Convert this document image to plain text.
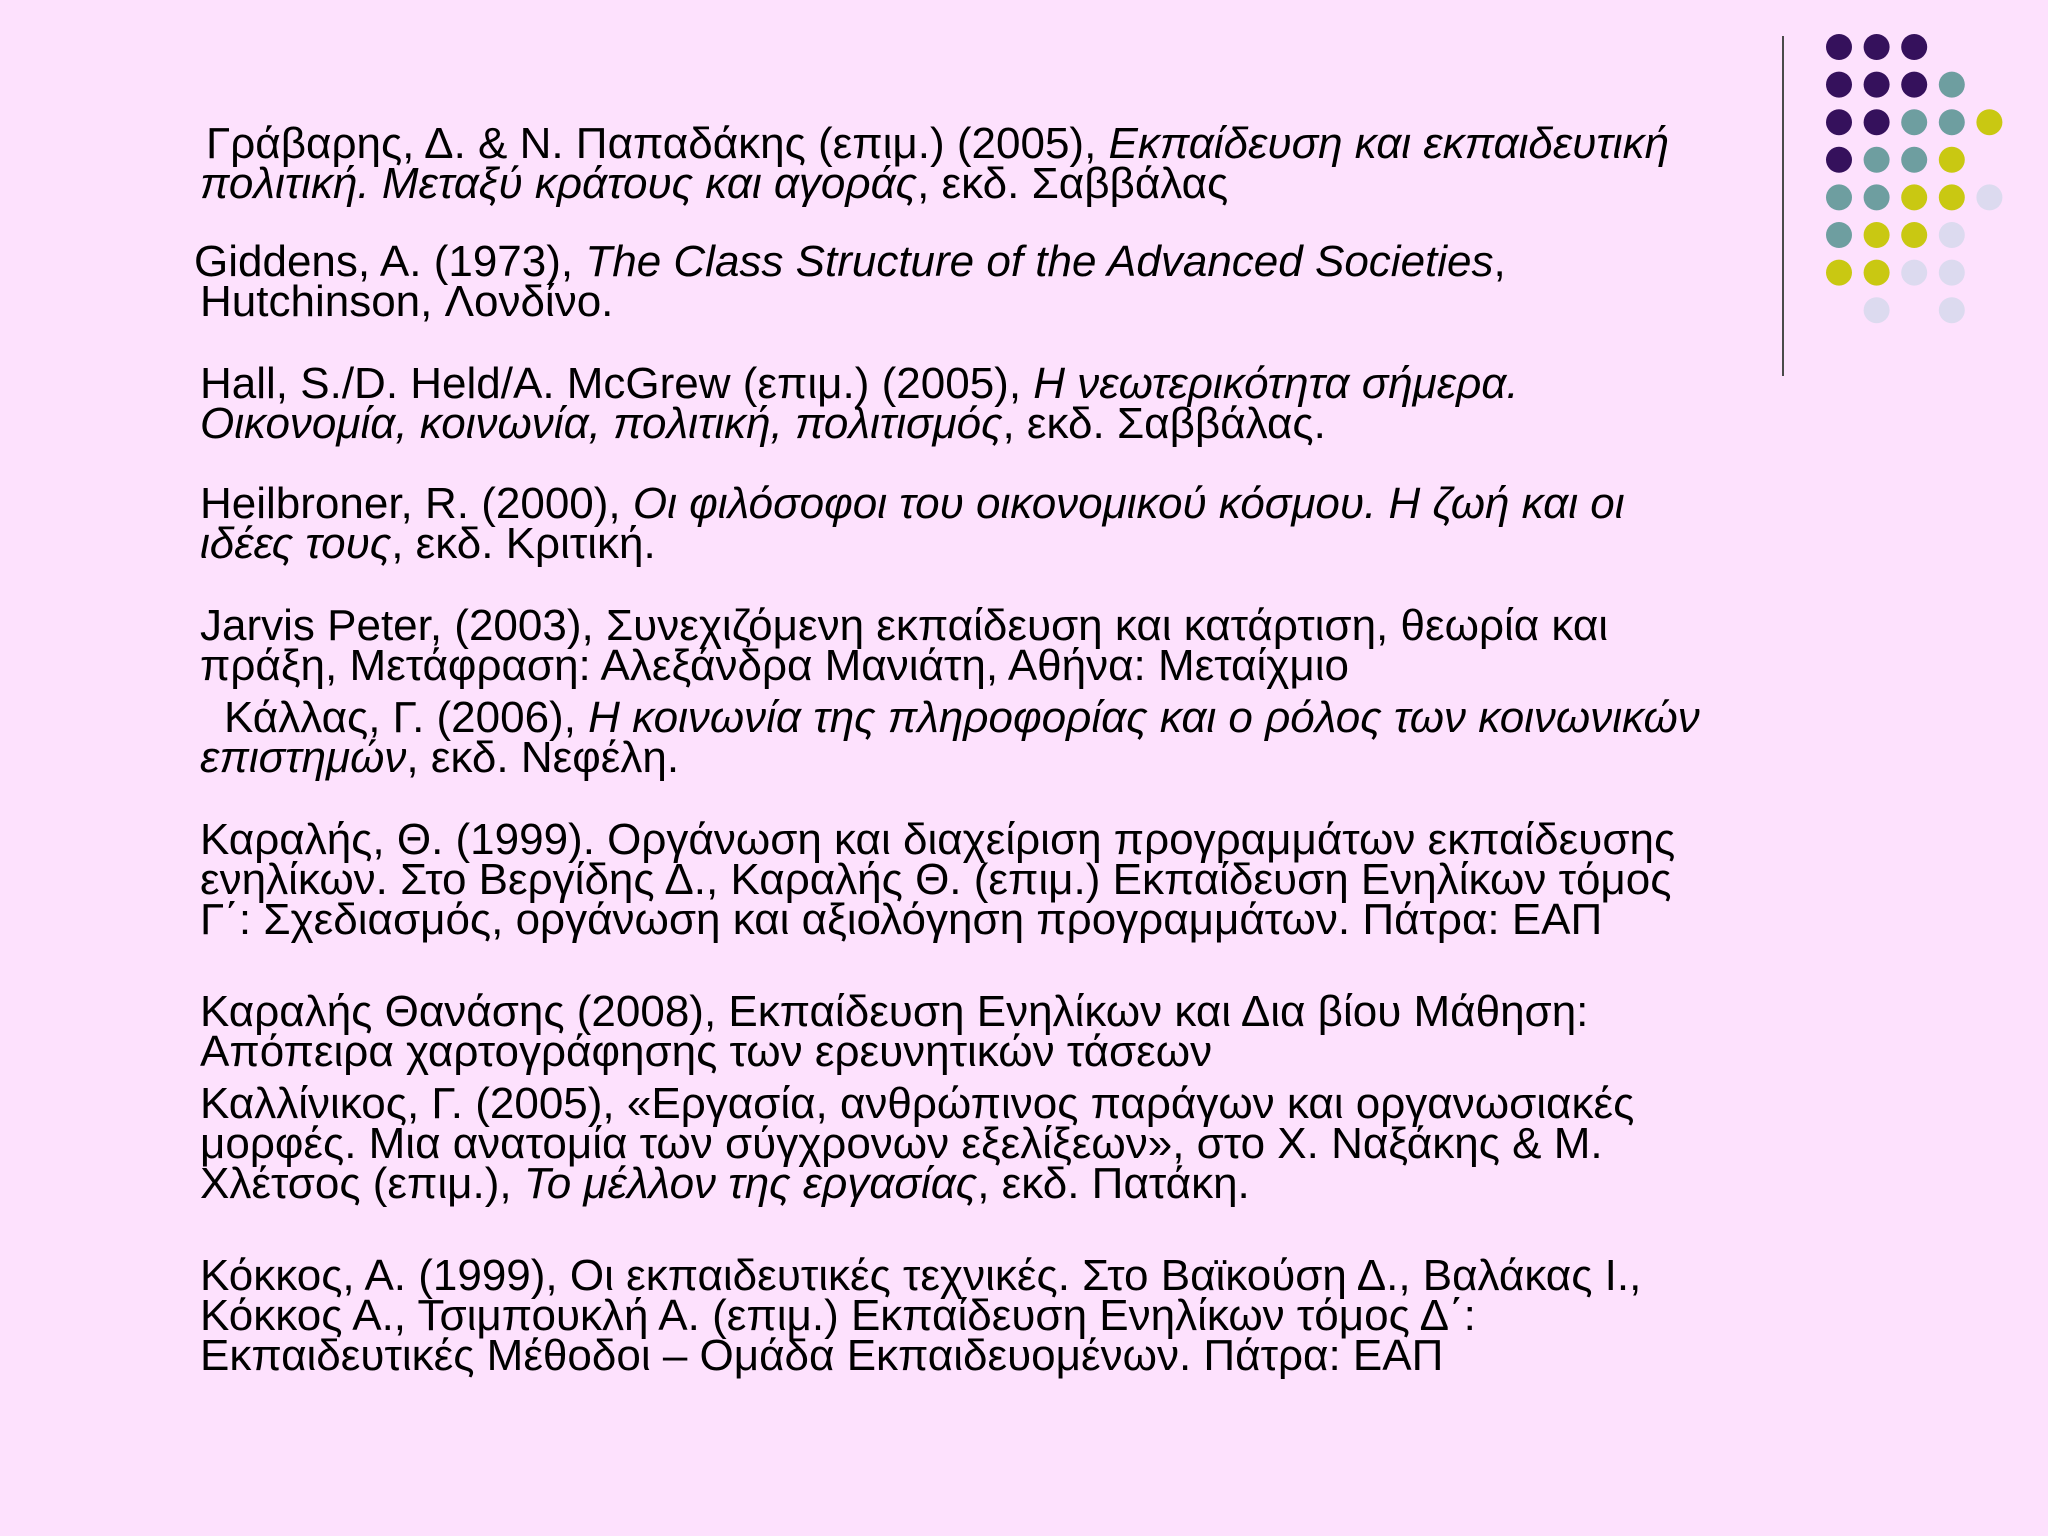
Γράβαρης, Δ. & Ν. Παπαδάκης (επιμ.) (2005), Εκπαίδευση και εκπαιδευτική
πολιτική. Μεταξύ κράτους και αγοράς, εκδ. Σαββάλας

Giddens, A. (1973), The Class Structure of the Advanced Societies,
Hutchinson, Λονδίνο.

Hall, S./D. Held/A. McGrew (επιμ.) (2005), Η νεωτερικότητα σήμερα.
Οικονομία, κοινωνία, πολιτική, πολιτισμός, εκδ. Σαββάλας.

Heilbroner, R. (2000), Οι φιλόσοφοι του οικονομικού κόσμου. Η ζωή και οι
ιδέες τους, εκδ. Κριτική.

Jarvis Peter, (2003), Συνεχιζόμενη εκπαίδευση και κατάρτιση, θεωρία και
πράξη, Μετάφραση: Αλεξάνδρα Μανιάτη, Αθήνα: Μεταίχμιο

Κάλλας, Γ. (2006), Η κοινωνία της πληροφορίας και ο ρόλος των κοινωνικών
επιστημών, εκδ. Νεφέλη.

Καραλής, Θ. (1999). Οργάνωση και διαχείριση προγραμμάτων εκπαίδευσης
ενηλίκων. Στο Βεργίδης Δ., Καραλής Θ. (επιμ.) Εκπαίδευση Ενηλίκων τόμος
Γ΄: Σχεδιασμός, οργάνωση και αξιολόγηση προγραμμάτων. Πάτρα: ΕΑΠ

Καραλής Θανάσης (2008), Εκπαίδευση Ενηλίκων και Δια βίου Μάθηση:
Απόπειρα χαρτογράφησης των ερευνητικών τάσεων

Καλλίνικος, Γ. (2005), «Εργασία, ανθρώπινος παράγων και οργανωσιακές
μορφές. Μια ανατομία των σύγχρονων εξελίξεων», στο Χ. Ναξάκης & Μ.
Χλέτσος (επιμ.), Το μέλλον της εργασίας, εκδ. Πατάκη.

Κόκκος, Α. (1999), Οι εκπαιδευτικές τεχνικές. Στο Βαϊκούση Δ., Βαλάκας Ι.,
Κόκκος Α., Τσιμπουκλή Α. (επιμ.) Εκπαίδευση Ενηλίκων τόμος Δ΄:
Εκπαιδευτικές Μέθοδοι – Ομάδα Εκπαιδευομένων. Πάτρα: ΕΑΠ
